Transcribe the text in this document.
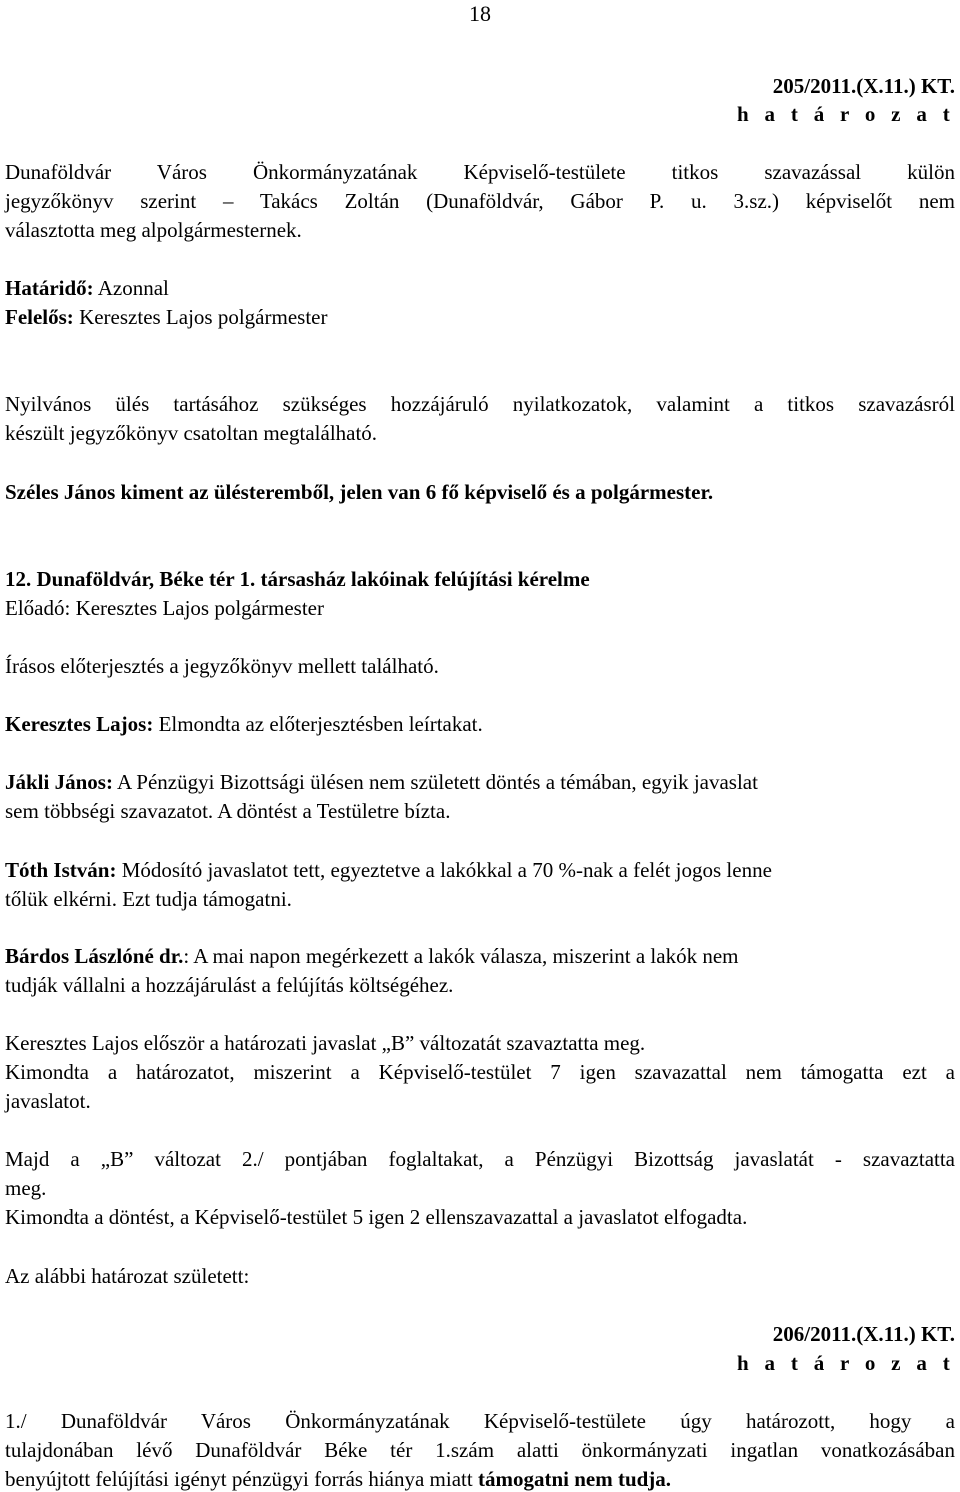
18
205/2011.(X.11.) KT.
h a t á r o z a t
Dunaföldvár Város Önkormányzatának Képviselő-testülete titkos szavazással külön
jegyzőkönyv szerint – Takács Zoltán (Dunaföldvár, Gábor P. u. 3.sz.) képviselőt nem
választotta meg alpolgármesternek.
Határidő: Azonnal
Felelős: Keresztes Lajos polgármester
Nyilvános ülés tartásához szükséges hozzájáruló nyilatkozatok, valamint a titkos szavazásról
készült jegyzőkönyv csatoltan megtalálható.
Széles János kiment az ülésteremből, jelen van 6 fő képviselő és a polgármester.
12. Dunaföldvár, Béke tér 1. társasház lakóinak felújítási kérelme
Előadó: Keresztes Lajos polgármester
Írásos előterjesztés a jegyzőkönyv mellett található.
Keresztes Lajos: Elmondta az előterjesztésben leírtakat.
Jákli János: A Pénzügyi Bizottsági ülésen nem született döntés a témában, egyik javaslat
sem többségi szavazatot. A döntést a Testületre bízta.
Tóth István: Módosító javaslatot tett, egyeztetve a lakókkal a 70 %-nak a felét jogos lenne
tőlük elkérni. Ezt tudja támogatni.
Bárdos Lászlóné dr.: A mai napon megérkezett a lakók válasza, miszerint a lakók nem
tudják vállalni a hozzájárulást a felújítás költségéhez.
Keresztes Lajos először a határozati javaslat „B” változatát szavaztatta meg.
Kimondta a határozatot, miszerint a Képviselő-testület 7 igen szavazattal nem támogatta ezt a
javaslatot.
Majd a „B” változat 2./ pontjában foglaltakat, a Pénzügyi Bizottság javaslatát - szavaztatta
meg.
Kimondta a döntést, a Képviselő-testület 5 igen 2 ellenszavazattal a javaslatot elfogadta.
Az alábbi határozat született:
206/2011.(X.11.) KT.
h a t á r o z a t
1./ Dunaföldvár Város Önkormányzatának Képviselő-testülete úgy határozott, hogy a
tulajdonában lévő Dunaföldvár Béke tér 1.szám alatti önkormányzati ingatlan vonatkozásában
benyújtott felújítási igényt pénzügyi forrás hiánya miatt támogatni nem tudja.
